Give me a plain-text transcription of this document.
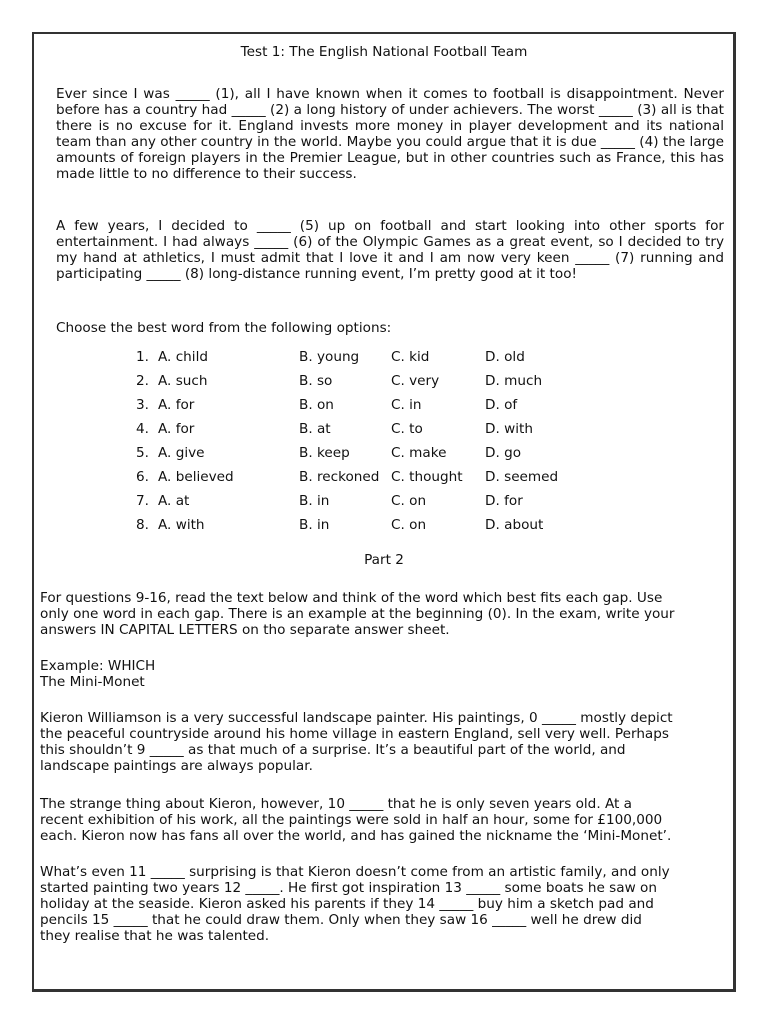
Test 1: The English National Football Team

Ever since I was _____ (1), all I have known when it comes to football is disappointment. Never before has a country had _____ (2) a long history of under achievers. The worst _____ (3) all is that there is no excuse for it. England invests more money in player development and its national team than any other country in the world. Maybe you could argue that it is due _____ (4) the large amounts of foreign players in the Premier League, but in other countries such as France, this has made little to no difference to their success.

A few years, I decided to _____ (5) up on football and start looking into other sports for entertainment. I had always _____ (6) of the Olympic Games as a great event, so I decided to try my hand at athletics, I must admit that I love it and I am now very keen _____ (7) running and participating _____ (8) long-distance running event, I’m pretty good at it too!

Choose the best word from the following options:
1. A. child	B. young C. kid	D. old
2. A. such	B. so	C. very	D. much
3. A. for	B. on	C. in	D. of
4. A. for	B. at	C. to	D. with
5. A. give	B. keep	C. make	D. go
6. A. believed	B. reckoned C. thought D. seemed
7. A. at	B. in	C. on	D. for
8. A. with	B. in	C. on	D. about
Part 2

For questions 9-16, read the text below and think of the word which best fits each gap. Use
only one word in each gap. There is an example at the beginning (0). In the exam, write your
answers IN CAPITAL LETTERS on tho separate answer sheet.

Example: WHICH
The Mini-Monet

Kieron Williamson is a very successful landscape painter. His paintings, 0 _____ mostly depict
the peaceful countryside around his home village in eastern England, sell very well. Perhaps
this shouldn’t 9 _____ as that much of a surprise. It’s a beautiful part of the world, and
landscape paintings are always popular.

The strange thing about Kieron, however, 10 _____ that he is only seven years old. At a
recent exhibition of his work, all the paintings were sold in half an hour, some for £100,000
each. Kieron now has fans all over the world, and has gained the nickname the ‘Mini-Monet’.

What’s even 11 _____ surprising is that Kieron doesn’t come from an artistic family, and only
started painting two years 12 _____. He first got inspiration 13 _____ some boats he saw on
holiday at the seaside. Kieron asked his parents if they 14 _____ buy him a sketch pad and
pencils 15 _____ that he could draw them. Only when they saw 16 _____ well he drew did
they realise that he was talented.
